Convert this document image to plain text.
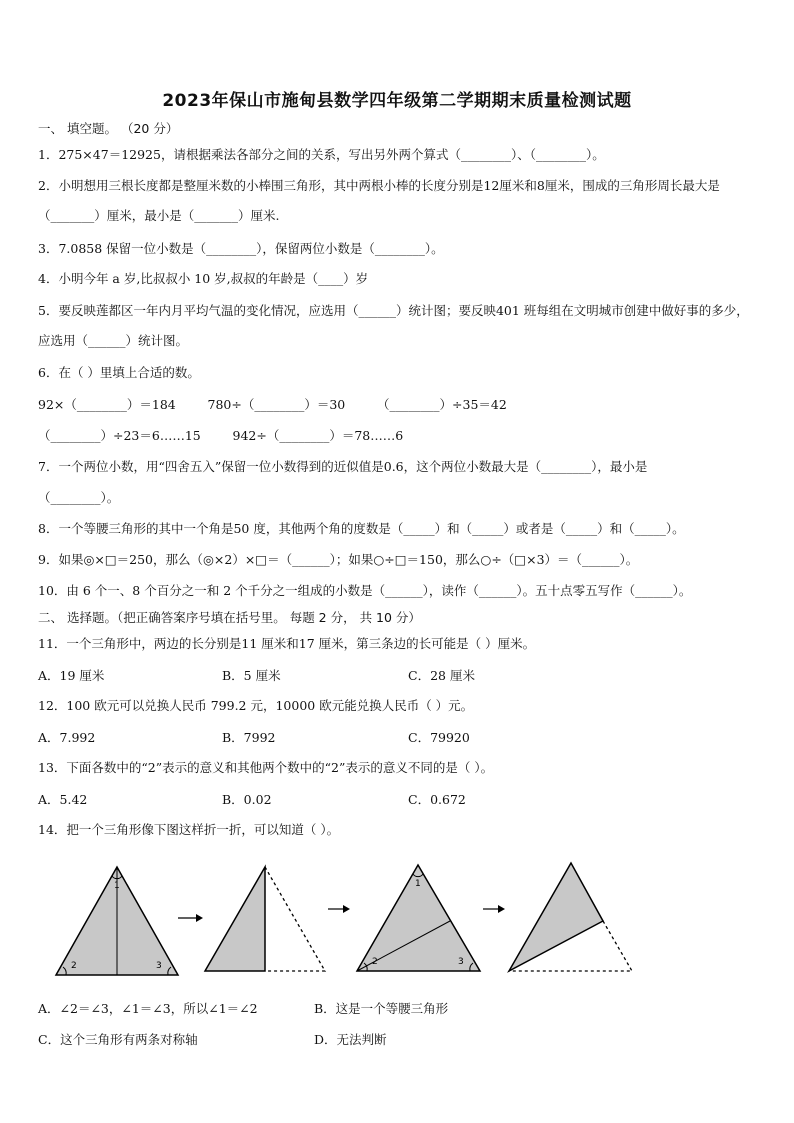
2023年保山市施甸县数学四年级第二学期期末质量检测试题
一、 填空题。 （20 分）
1．275×47＝12925，请根据乘法各部分之间的关系，写出另外两个算式（________）、（________）。
2．小明想用三根长度都是整厘米数的小棒围三角形，其中两根小棒的长度分别是12厘米和8厘米，围成的三角形周长最大是（_______）厘米，最小是（_______）厘米.
3．7.0858 保留一位小数是（________），保留两位小数是（________）。
4．小明今年 a 岁,比叔叔小 10 岁,叔叔的年龄是（____）岁
5．要反映莲都区一年内月平均气温的变化情况，应选用（______）统计图；要反映401 班每组在文明城市创建中做好事的多少，应选用（______）统计图。
6．在（ ）里填上合适的数。
92×（________）＝184        780÷（________）＝30        （________）÷35＝42
（________）÷23＝6……15        942÷（________）＝78……6
7．一个两位小数，用“四舍五入”保留一位小数得到的近似值是0.6，这个两位小数最大是（________），最小是
（________）。
8．一个等腰三角形的其中一个角是50 度，其他两个角的度数是（_____）和（_____）或者是（_____）和（_____）。
9．如果◎×□＝250，那么（◎×2）×□＝（______）；如果○÷□＝150，那么○÷（□×3）＝（______）。
10．由 6 个一、8 个百分之一和 2 个千分之一组成的小数是（______），读作（______）。五十点零五写作（______）。
二、 选择题。（把正确答案序号填在括号里。 每题 2 分， 共 10 分）
11．一个三角形中，两边的长分别是11 厘米和17 厘米，第三条边的长可能是（ ）厘米。
A．19 厘米	B．5 厘米	C．28 厘米
12．100 欧元可以兑换人民币 799.2 元，10000 欧元能兑换人民币（ ）元。
A．7.992	B．7992	C．79920
13．下面各数中的“2”表示的意义和其他两个数中的“2”表示的意义不同的是（ ）。
A．5.42	B．0.02	C．0.672
14．把一个三角形像下图这样折一折，可以知道（ ）。
1
2	3
1
2	3
A．∠2＝∠3，∠1＝∠3，所以∠1＝∠2	B．这是一个等腰三角形
C．这个三角形有两条对称轴	D．无法判断
